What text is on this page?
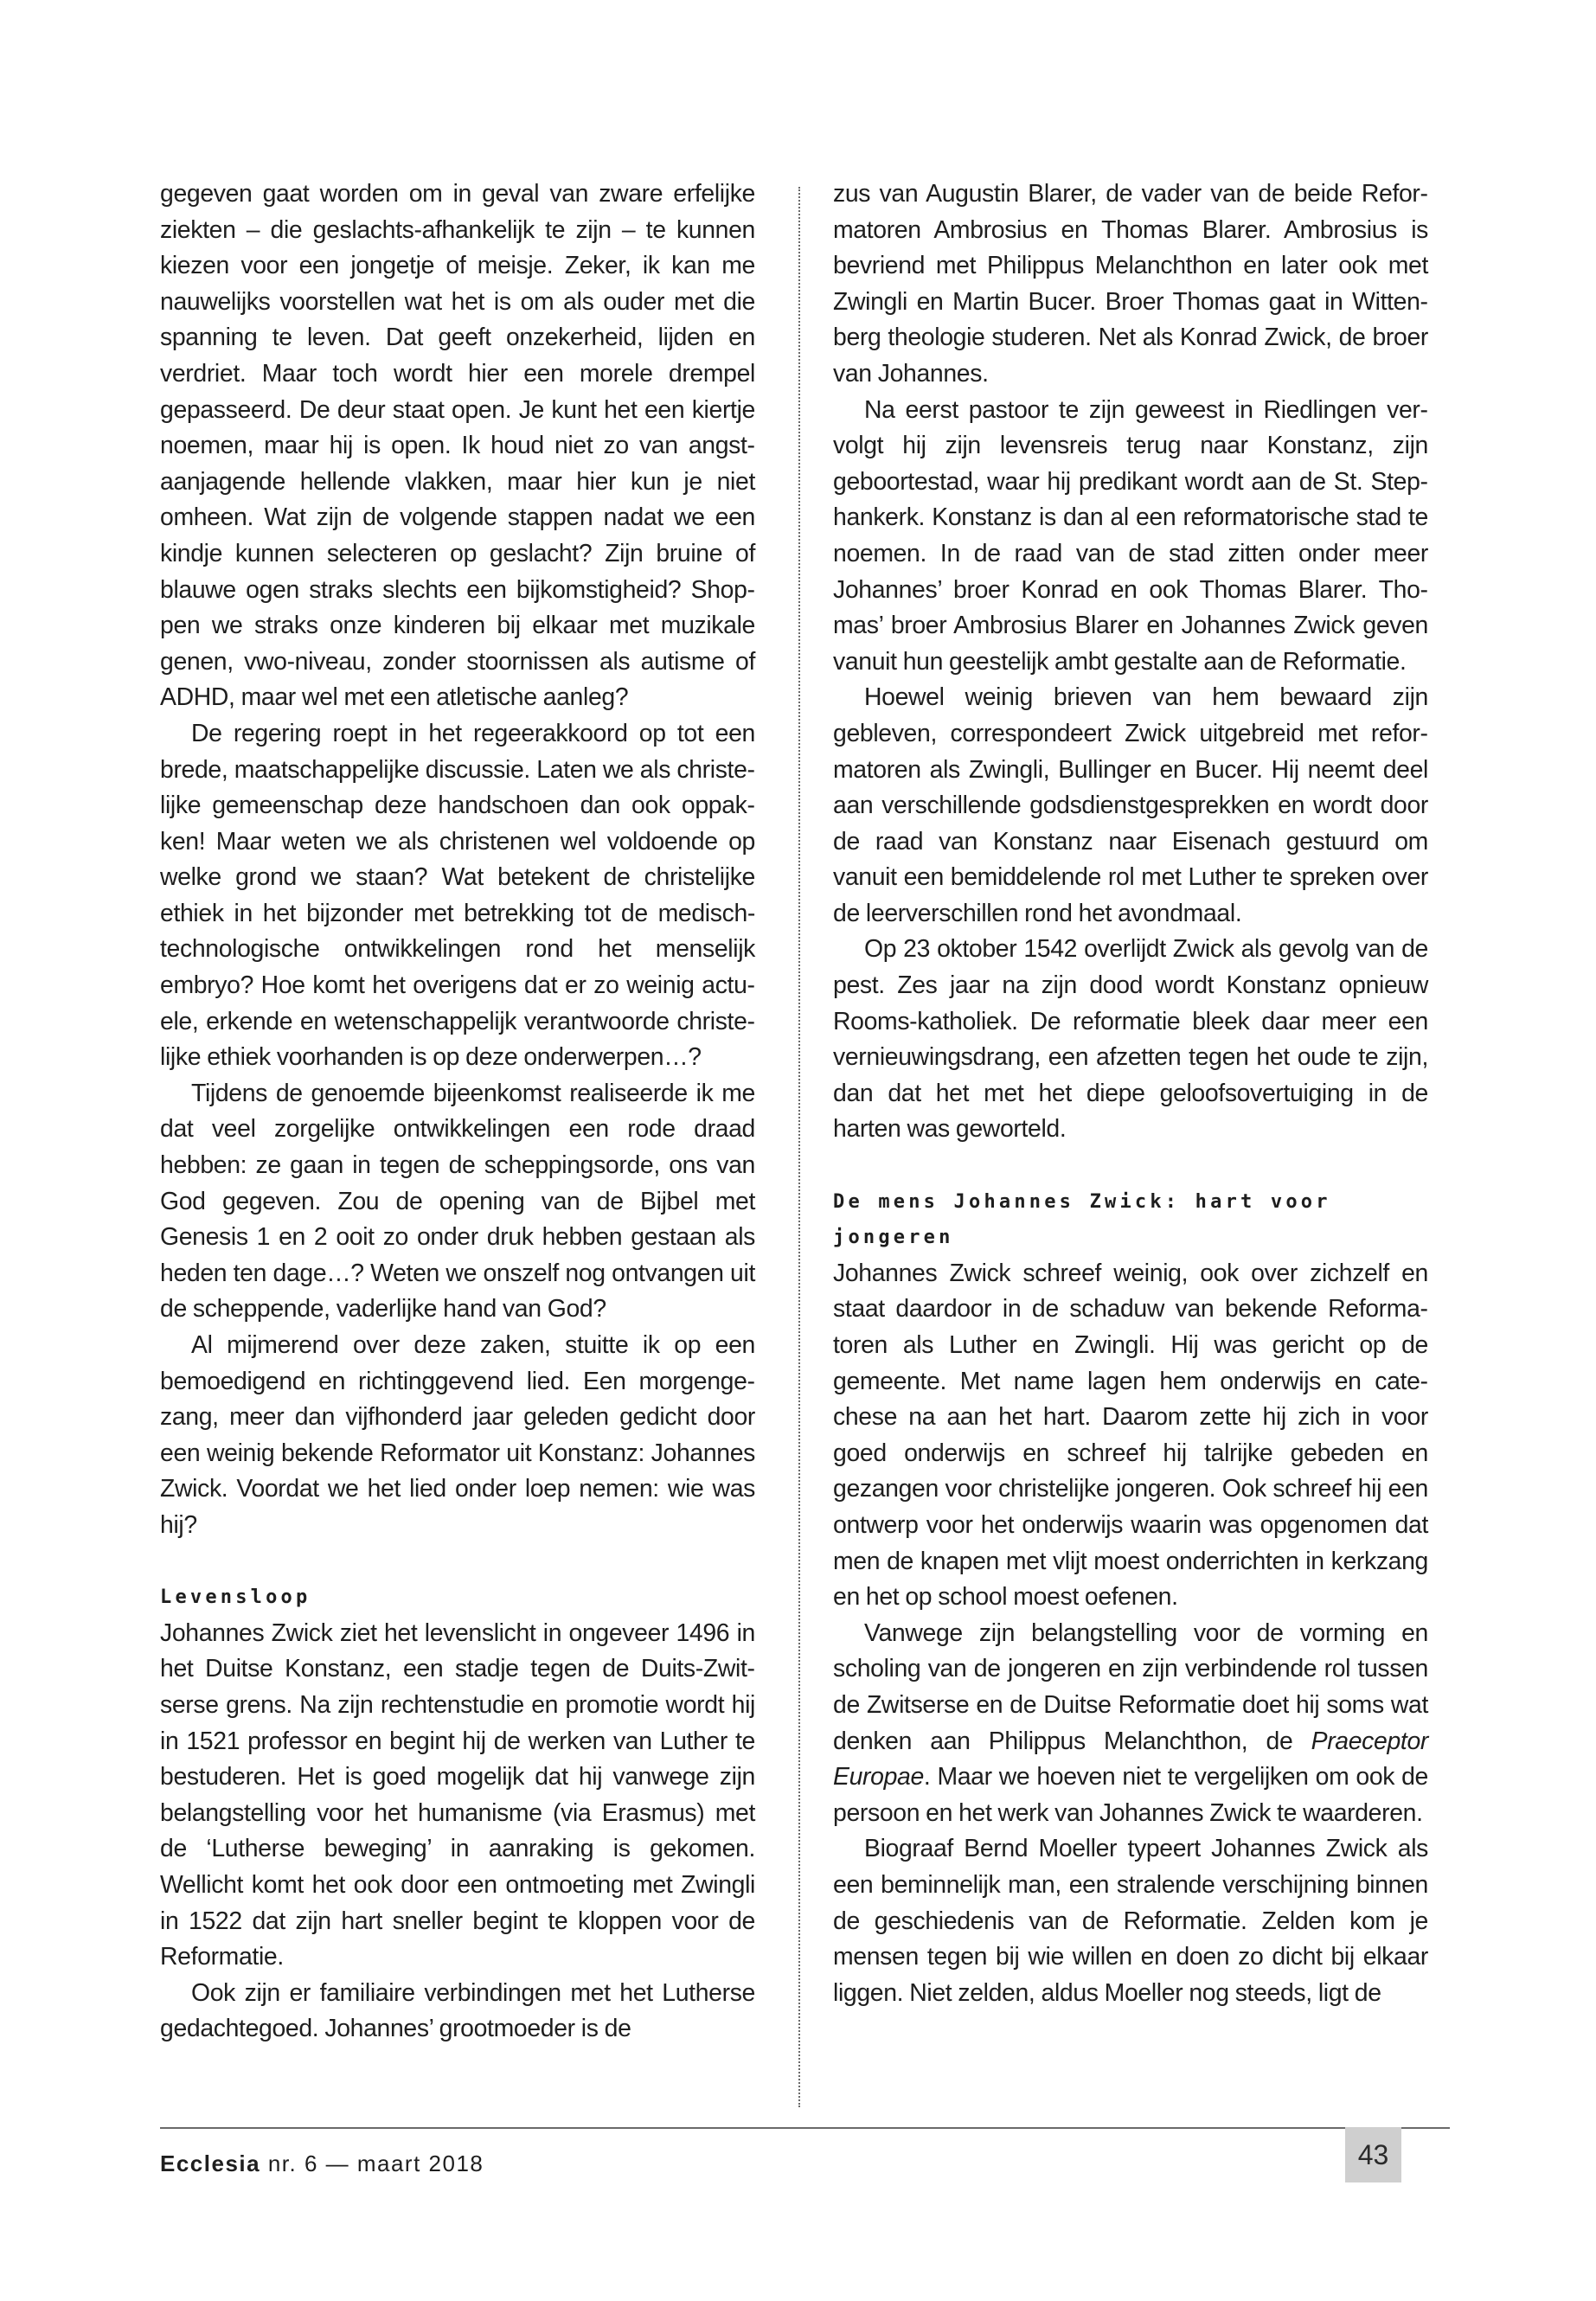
gegeven gaat worden om in geval van zware erfelijke ziekten – die geslachts-afhankelijk te zijn – te kunnen kiezen voor een jongetje of meisje. Zeker, ik kan me nauwelijks voorstellen wat het is om als ouder met die spanning te leven. Dat geeft onzekerheid, lijden en verdriet. Maar toch wordt hier een morele drempel gepasseerd. De deur staat open. Je kunt het een kiertje noemen, maar hij is open. Ik houd niet zo van angstaanjagende hellende vlakken, maar hier kun je niet omheen. Wat zijn de volgende stappen nadat we een kindje kunnen selecteren op geslacht? Zijn bruine of blauwe ogen straks slechts een bijkomstigheid? Shoppen we straks onze kinderen bij elkaar met muzikale genen, vwo-niveau, zonder stoornissen als autisme of ADHD, maar wel met een atletische aanleg?

De regering roept in het regeerakkoord op tot een brede, maatschappelijke discussie. Laten we als christelijke gemeenschap deze handschoen dan ook oppakken! Maar weten we als christenen wel voldoende op welke grond we staan? Wat betekent de christelijke ethiek in het bijzonder met betrekking tot de medisch-technologische ontwikkelingen rond het menselijk embryo? Hoe komt het overigens dat er zo weinig actuele, erkende en wetenschappelijk verantwoorde christelijke ethiek voorhanden is op deze onderwerpen…?

Tijdens de genoemde bijeenkomst realiseerde ik me dat veel zorgelijke ontwikkelingen een rode draad hebben: ze gaan in tegen de scheppingsorde, ons van God gegeven. Zou de opening van de Bijbel met Genesis 1 en 2 ooit zo onder druk hebben gestaan als heden ten dage…? Weten we onszelf nog ontvangen uit de scheppende, vaderlijke hand van God?

Al mijmerend over deze zaken, stuitte ik op een bemoedigend en richtinggevend lied. Een morgengezang, meer dan vijfhonderd jaar geleden gedicht door een weinig bekende Reformator uit Konstanz: Johannes Zwick. Voordat we het lied onder loep nemen: wie was hij?

Levensloop

Johannes Zwick ziet het levenslicht in ongeveer 1496 in het Duitse Konstanz, een stadje tegen de Duits-Zwitserse grens. Na zijn rechtenstudie en promotie wordt hij in 1521 professor en begint hij de werken van Luther te bestuderen. Het is goed mogelijk dat hij vanwege zijn belangstelling voor het humanisme (via Erasmus) met de ‘Lutherse beweging’ in aanraking is gekomen. Wellicht komt het ook door een ontmoeting met Zwingli in 1522 dat zijn hart sneller begint te kloppen voor de Reformatie.

Ook zijn er familiaire verbindingen met het Lutherse gedachtegoed. Johannes’ grootmoeder is de

zus van Augustin Blarer, de vader van de beide Reformatoren Ambrosius en Thomas Blarer. Ambrosius is bevriend met Philippus Melanchthon en later ook met Zwingli en Martin Bucer. Broer Thomas gaat in Wittenberg theologie studeren. Net als Konrad Zwick, de broer van Johannes.

Na eerst pastoor te zijn geweest in Riedlingen vervolgt hij zijn levensreis terug naar Konstanz, zijn geboortestad, waar hij predikant wordt aan de St. Stephankerk. Konstanz is dan al een reformatorische stad te noemen. In de raad van de stad zitten onder meer Johannes’ broer Konrad en ook Thomas Blarer. Thomas’ broer Ambrosius Blarer en Johannes Zwick geven vanuit hun geestelijk ambt gestalte aan de Reformatie.

Hoewel weinig brieven van hem bewaard zijn gebleven, correspondeert Zwick uitgebreid met reformatoren als Zwingli, Bullinger en Bucer. Hij neemt deel aan verschillende godsdienstgesprekken en wordt door de raad van Konstanz naar Eisenach gestuurd om vanuit een bemiddelende rol met Luther te spreken over de leerverschillen rond het avondmaal.

Op 23 oktober 1542 overlijdt Zwick als gevolg van de pest. Zes jaar na zijn dood wordt Konstanz opnieuw Rooms-katholiek. De reformatie bleek daar meer een vernieuwingsdrang, een afzetten tegen het oude te zijn, dan dat het met het diepe geloofsovertuiging in de harten was geworteld.

De mens Johannes Zwick: hart voor jongeren

Johannes Zwick schreef weinig, ook over zichzelf en staat daardoor in de schaduw van bekende Reformatoren als Luther en Zwingli. Hij was gericht op de gemeente. Met name lagen hem onderwijs en catechese na aan het hart. Daarom zette hij zich in voor goed onderwijs en schreef hij talrijke gebeden en gezangen voor christelijke jongeren. Ook schreef hij een ontwerp voor het onderwijs waarin was opgenomen dat men de knapen met vlijt moest onderrichten in kerkzang en het op school moest oefenen.

Vanwege zijn belangstelling voor de vorming en scholing van de jongeren en zijn verbindende rol tussen de Zwitserse en de Duitse Reformatie doet hij soms wat denken aan Philippus Melanchthon, de Praeceptor Europae. Maar we hoeven niet te vergelijken om ook de persoon en het werk van Johannes Zwick te waarderen.

Biograaf Bernd Moeller typeert Johannes Zwick als een beminnelijk man, een stralende verschijning binnen de geschiedenis van de Reformatie. Zelden kom je mensen tegen bij wie willen en doen zo dicht bij elkaar liggen. Niet zelden, aldus Moeller nog steeds, ligt de

Ecclesia nr. 6 — maart 2018	43
